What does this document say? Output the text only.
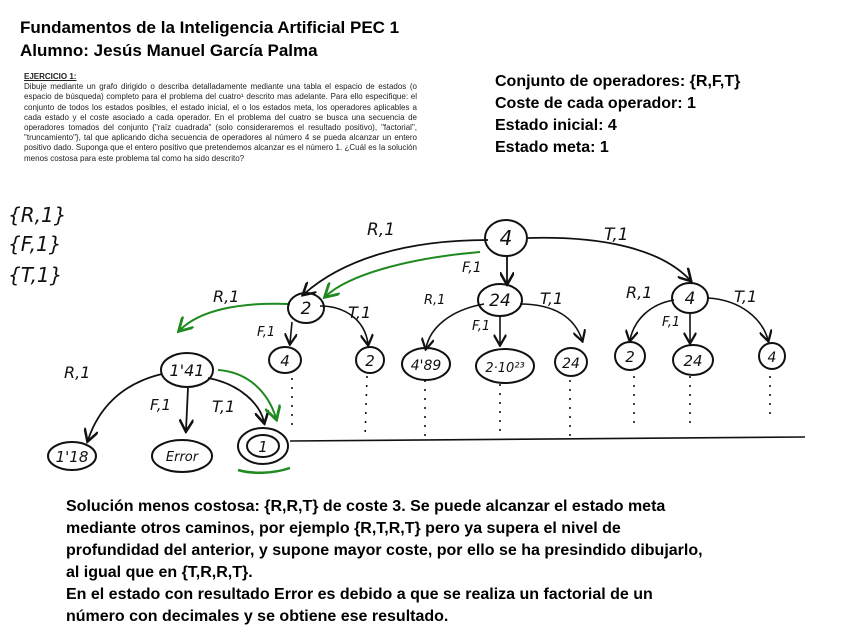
Fundamentos de la Inteligencia Artificial PEC 1
Alumno: Jesús Manuel García Palma
EJERCICIO 1:
Dibuje mediante un grafo dirigido o describa detalladamente mediante una tabla el espacio de estados (o espacio de búsqueda) completo para el problema del cuatro¹ descrito mas adelante. Para ello especifique: el conjunto de todos los estados posibles, el estado inicial, el o los estados meta, los operadores aplicables a cada estado y el coste asociado a cada operador. En el problema del cuatro se busca una secuencia de operadores tomados del conjunto {"raíz cuadrada" (solo consideraremos el resultado positivo), "factorial", "truncamiento"}, tal que aplicando dicha secuencia de operadores al número 4 se pueda alcanzar un entero positivo dado. Suponga que el entero positivo que pretendemos alcanzar es el número 1. ¿Cuál es la solución menos costosa para este problema tal como ha sido descrito?
Conjunto de operadores: {R,F,T}
Coste de cada operador: 1
Estado inicial: 4
Estado meta: 1
{R,1}
{F,1}
{T,1}
4
2	24	4
1'41	4	2	4'89	2·10²³	24	2	24	4
1'18	Error
1
R,1
F,1
T,1
R,1
F,1
T,1
R,1
F,1
T,1	R,1
F,1
T,1
R,1
F,1	T,1
Solución menos costosa: {R,R,T} de coste 3. Se puede alcanzar el estado meta
mediante otros caminos, por ejemplo {R,T,R,T} pero ya supera el nivel de
profundidad del anterior, y supone mayor coste, por ello se ha presindido dibujarlo,
al igual que en {T,R,R,T}.
En el estado con resultado Error es debido a que se realiza un factorial de un
número con decimales y se obtiene ese resultado.
